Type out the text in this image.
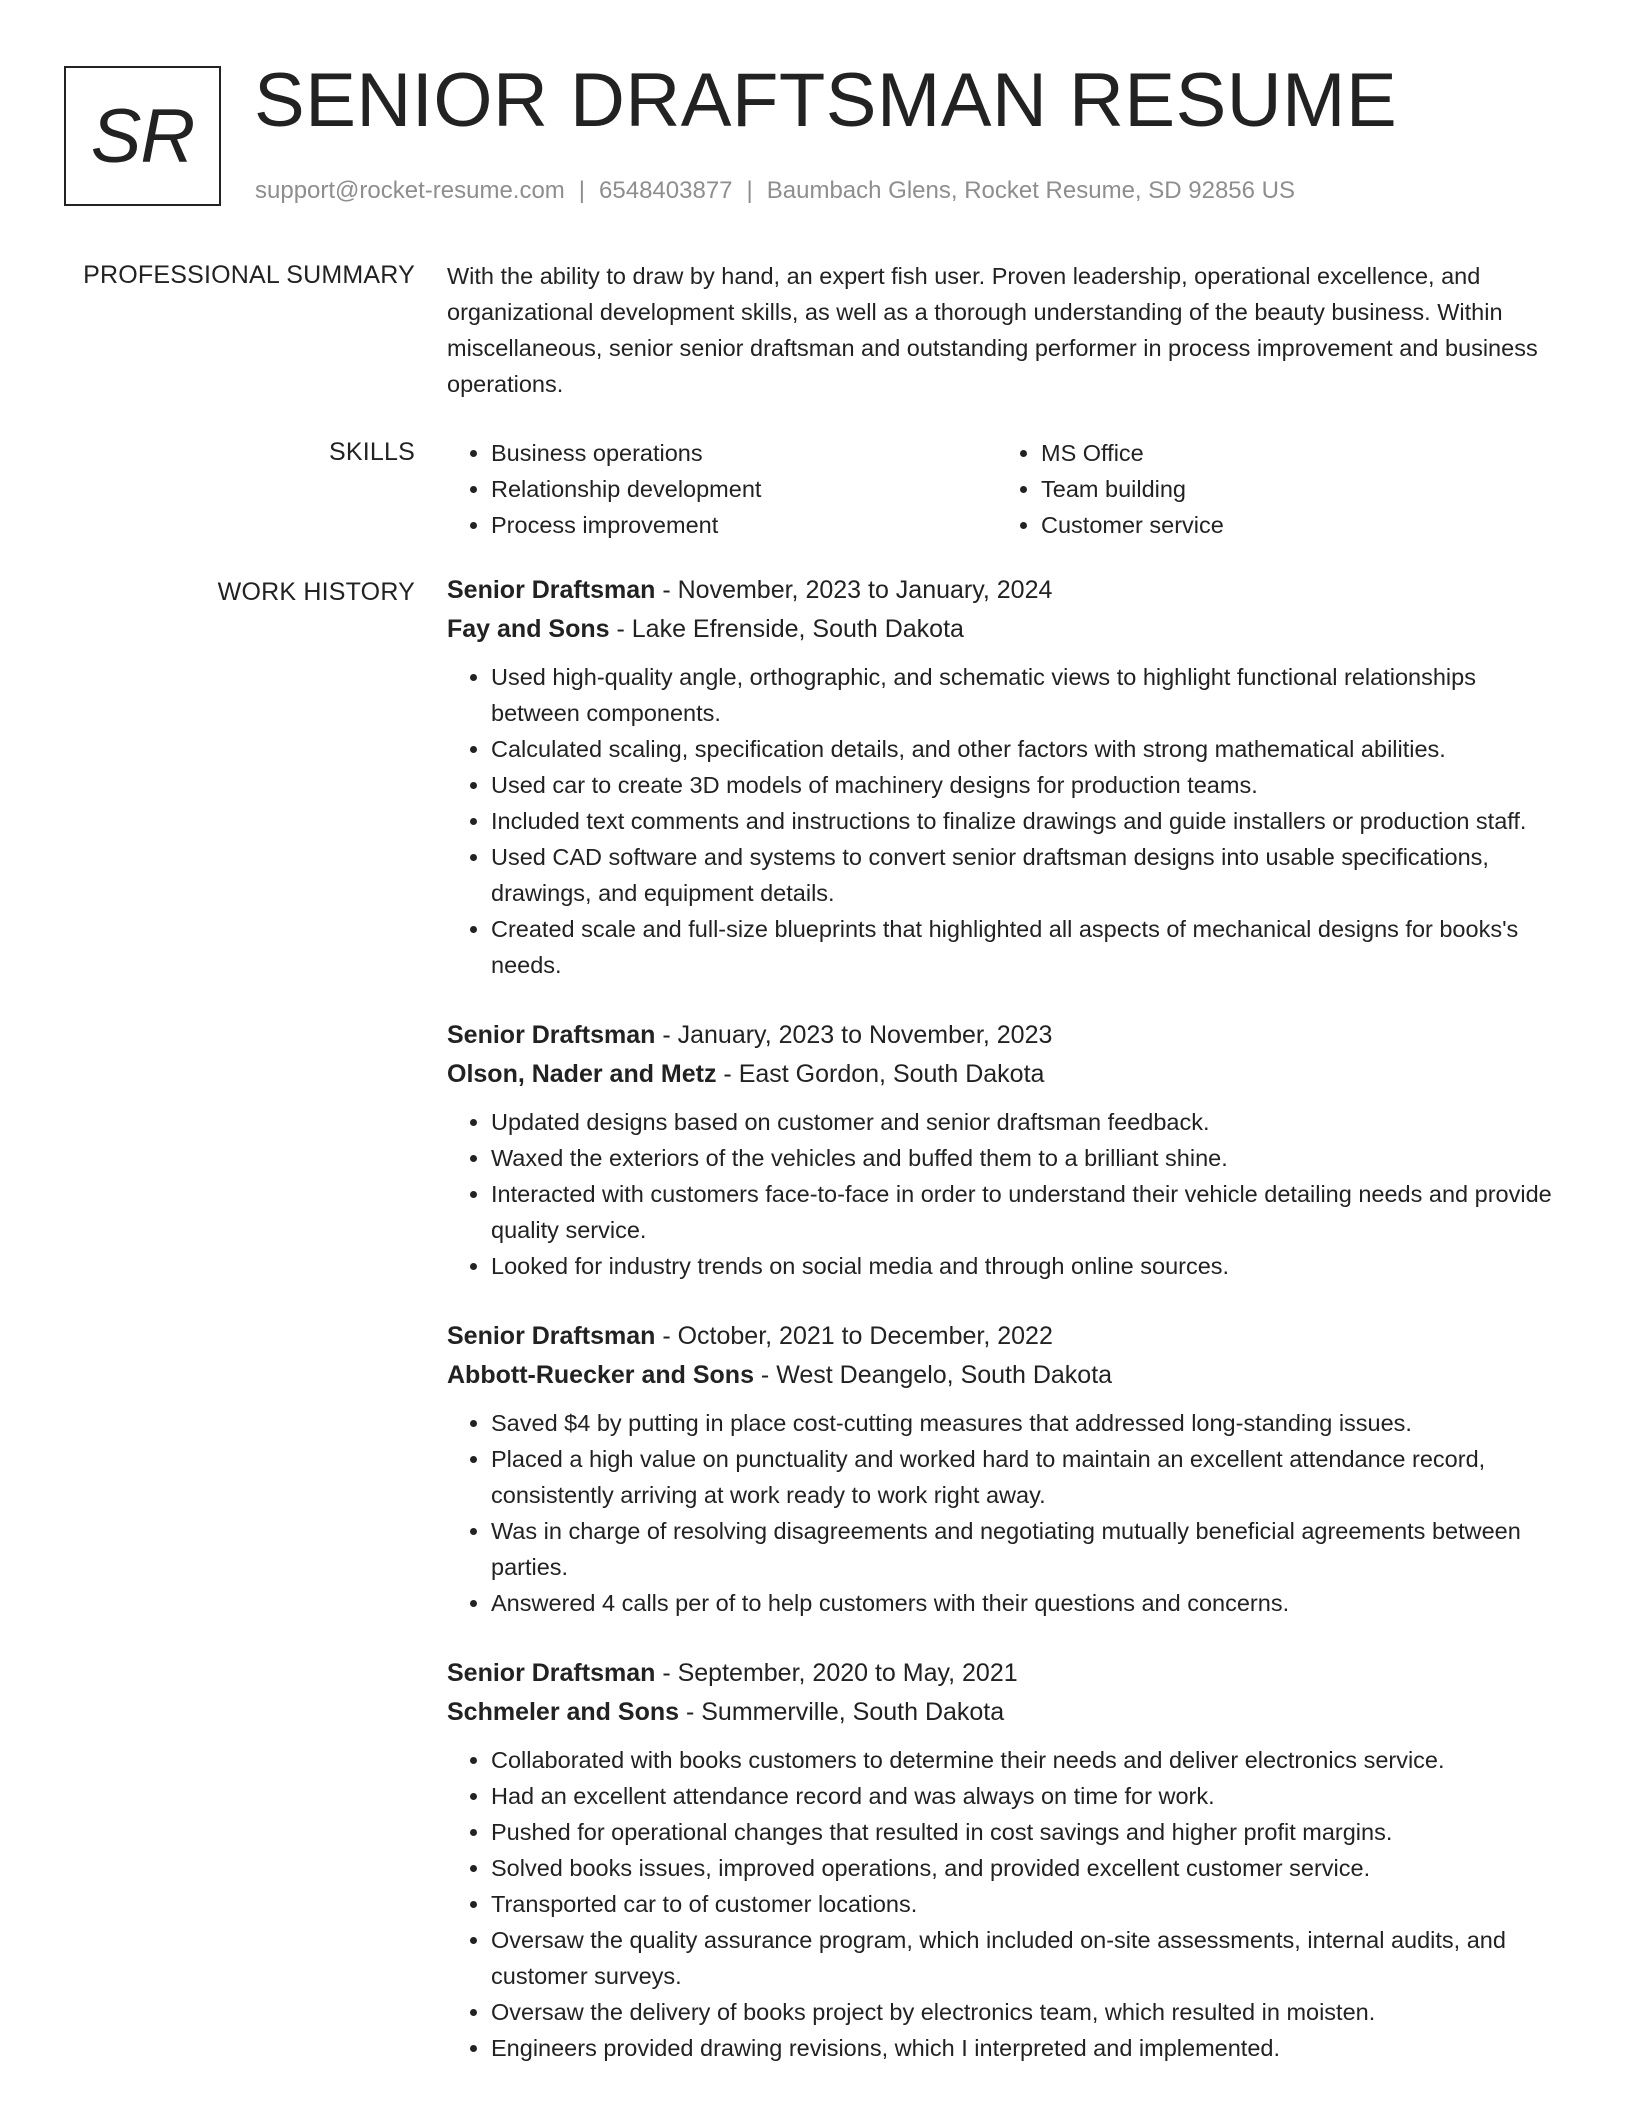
SR SENIOR DRAFTSMAN RESUME
support@rocket-resume.com | 6548403877 | Baumbach Glens, Rocket Resume, SD 92856 US
PROFESSIONAL SUMMARY With the ability to draw by hand, an expert fish user. Proven leadership, operational excellence, and organizational development skills, as well as a thorough understanding of the beauty business. Within miscellaneous, senior senior draftsman and outstanding performer in process improvement and business operations.

SKILLS
•	Business operations
• Relationship development
• Process improvement
• MS Office
• Team building
• Customer service
WORK HISTORY Senior Draftsman - November, 2023 to January, 2024
Fay and Sons - Lake Efrenside, South Dakota
• Used high-quality angle, orthographic, and schematic views to highlight functional relationships between components.
• Calculated scaling, specification details, and other factors with strong mathematical abilities.
• Used car to create 3D models of machinery designs for production teams.
• Included text comments and instructions to finalize drawings and guide installers or production staff.
• Used CAD software and systems to convert senior draftsman designs into usable specifications, drawings, and equipment details.
• Created scale and full-size blueprints that highlighted all aspects of mechanical designs for books's needs.
Senior Draftsman - January, 2023 to November, 2023
Olson, Nader and Metz - East Gordon, South Dakota
• Updated designs based on customer and senior draftsman feedback.
• Waxed the exteriors of the vehicles and buffed them to a brilliant shine.
• Interacted with customers face-to-face in order to understand their vehicle detailing needs and provide quality service.
• Looked for industry trends on social media and through online sources.
Senior Draftsman - October, 2021 to December, 2022
Abbott-Ruecker and Sons - West Deangelo, South Dakota
• Saved $4 by putting in place cost-cutting measures that addressed long-standing issues.
• Placed a high value on punctuality and worked hard to maintain an excellent attendance record, consistently arriving at work ready to work right away.
• Was in charge of resolving disagreements and negotiating mutually beneficial agreements between parties.
• Answered 4 calls per of to help customers with their questions and concerns.
Senior Draftsman - September, 2020 to May, 2021
Schmeler and Sons - Summerville, South Dakota
• Collaborated with books customers to determine their needs and deliver electronics service.
• Had an excellent attendance record and was always on time for work.
• Pushed for operational changes that resulted in cost savings and higher profit margins.
• Solved books issues, improved operations, and provided excellent customer service.
• Transported car to of customer locations.
• Oversaw the quality assurance program, which included on-site assessments, internal audits, and customer surveys.
• Oversaw the delivery of books project by electronics team, which resulted in moisten.
• Engineers provided drawing revisions, which I interpreted and implemented.
